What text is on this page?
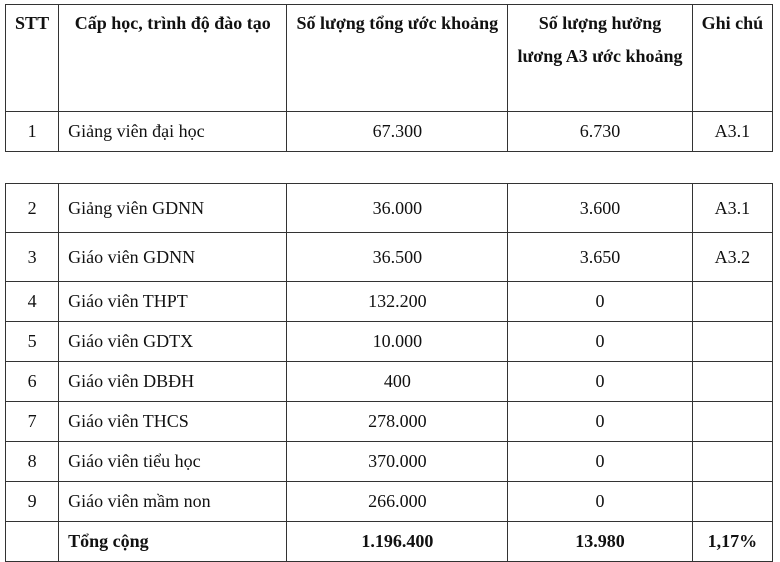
STT	Cấp học, trình độ đào tạo	Số lượng tổng ước khoảng	Số lượng hưởng lương A3 ước khoảng	Ghi chú
1	Giảng viên đại học	67.300	6.730	A3.1
2	Giảng viên GDNN	36.000	3.600	A3.1
3	Giáo viên GDNN	36.500	3.650	A3.2
4	Giáo viên THPT	132.200	0	
5	Giáo viên GDTX	10.000	0	
6	Giáo viên DBĐH	400	0	
7	Giáo viên THCS	278.000	0	
8	Giáo viên tiểu học	370.000	0	
9	Giáo viên mầm non	266.000	0	
	Tổng cộng	1.196.400	13.980	1,17%
